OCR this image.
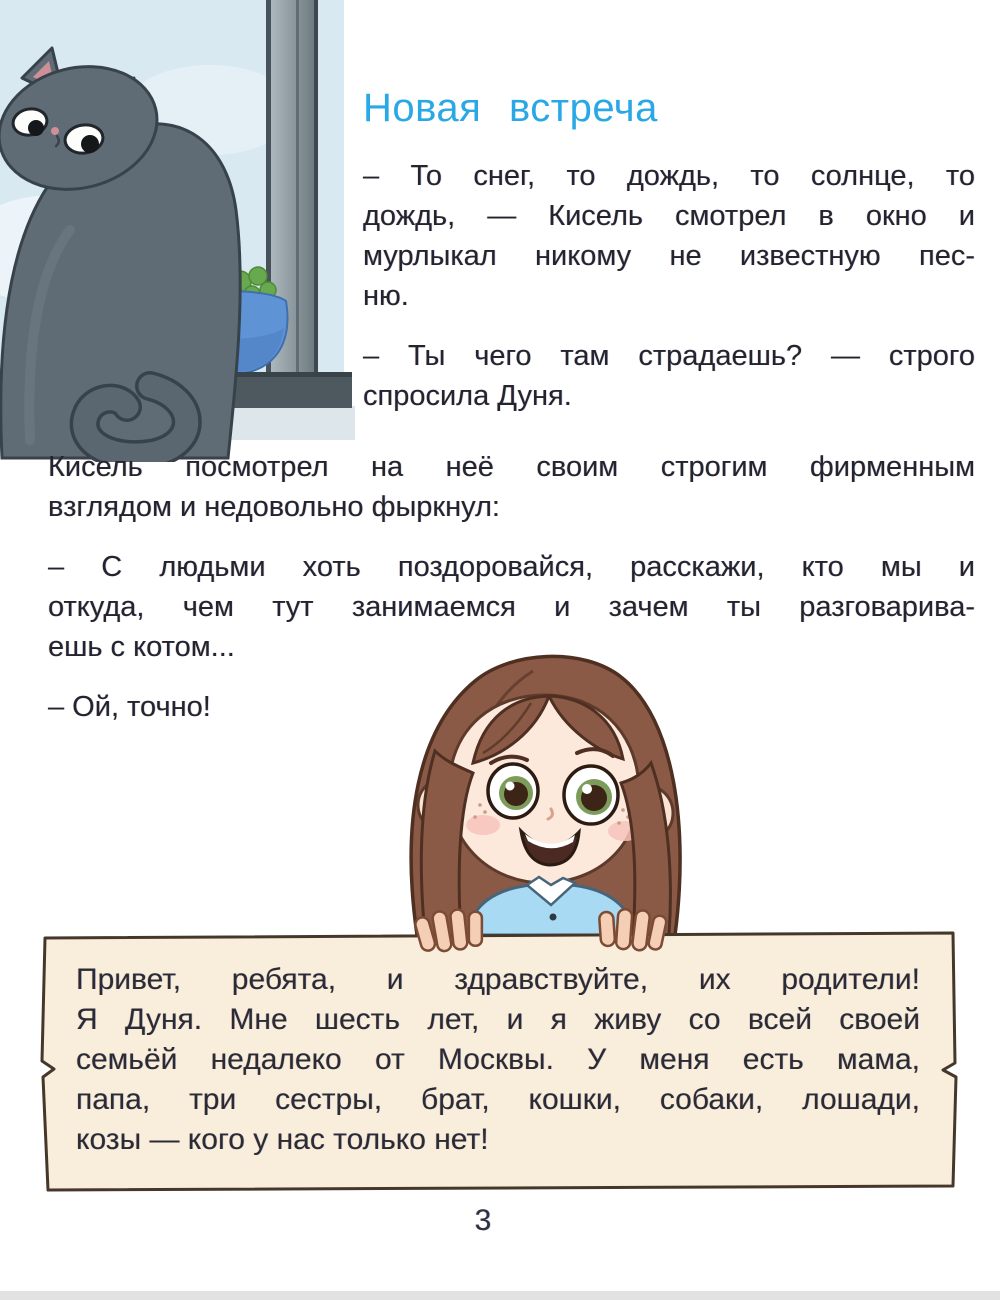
Новая встреча
– То снег, то дождь, то солнце, то
дождь, — Кисель смотрел в окно и
мурлыкал никому не известную пес-
ню.
– Ты чего там страдаешь? — строго
спросила Дуня.
Кисель посмотрел на неё своим строгим фирменным
взглядом и недовольно фыркнул:
– С людьми хоть поздоровайся, расскажи, кто мы и
откуда, чем тут занимаемся и зачем ты разговарива-
ешь с котом...
– Ой, точно!
Привет, ребята, и здравствуйте, их родители!
Я Дуня. Мне шесть лет, и я живу со всей своей
семьёй недалеко от Москвы. У меня есть мама,
папа, три сестры, брат, кошки, собаки, лошади,
козы — кого у нас только нет!
3
